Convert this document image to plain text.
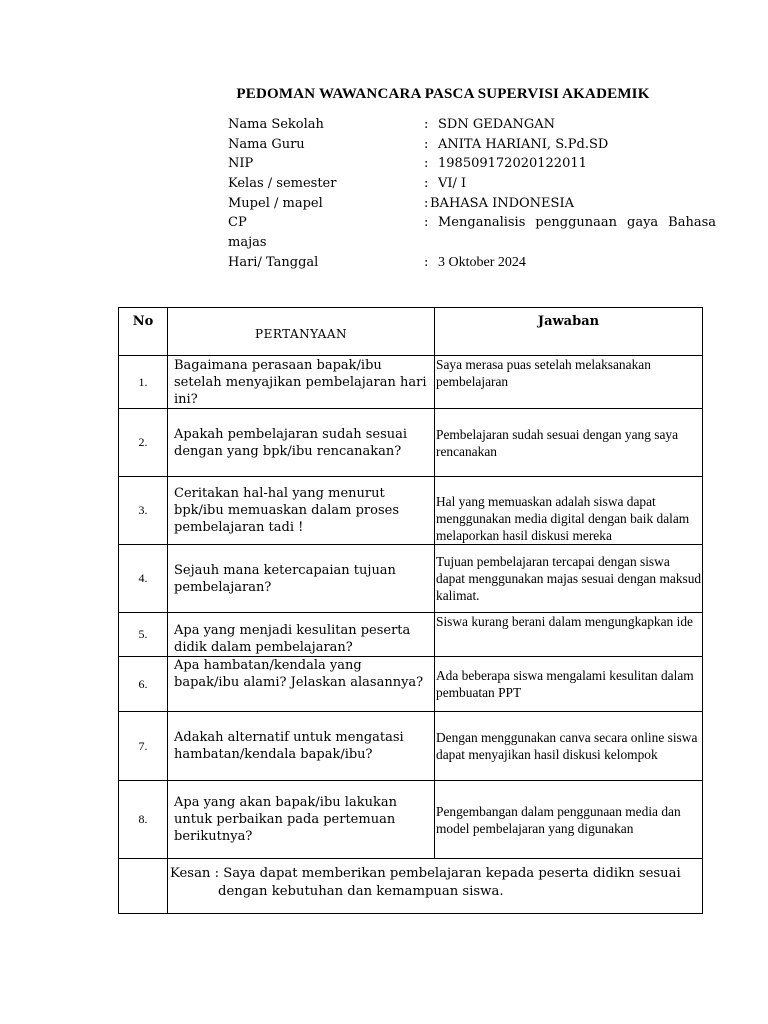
PEDOMAN WAWANCARA PASCA SUPERVISI AKADEMIK
Nama Sekolah	: SDN GEDANGAN
Nama Guru	: ANITA HARIANI, S.Pd.SD
NIP	: 198509172020122011
Kelas / semester	: VI/ I
Mupel / mapel	: BAHASA INDONESIA
CP	: Menganalisis penggunaan gaya Bahasa
majas
Hari/ Tanggal	: 3 Oktober 2024
No	PERTANYAAN	Jawaban
1.	Bagaimana perasaan bapak/ibu setelah menyajikan pembelajaran hari ini?	Saya merasa puas setelah melaksanakan pembelajaran
2.	Apakah pembelajaran sudah sesuai dengan yang bpk/ibu rencanakan?	Pembelajaran sudah sesuai dengan yang saya rencanakan
3.	Ceritakan hal-hal yang menurut bpk/ibu memuaskan dalam proses pembelajaran tadi !	Hal yang memuaskan adalah siswa dapat menggunakan media digital dengan baik dalam melaporkan hasil diskusi mereka
4.	Sejauh mana ketercapaian tujuan pembelajaran?	Tujuan pembelajaran tercapai dengan siswa dapat menggunakan majas sesuai dengan maksud kalimat.
5.	Apa yang menjadi kesulitan peserta didik dalam pembelajaran?	Siswa kurang berani dalam mengungkapkan ide
6.	Apa hambatan/kendala yang bapak/ibu alami? Jelaskan alasannya?	Ada beberapa siswa mengalami kesulitan dalam pembuatan PPT
7.	Adakah alternatif untuk mengatasi hambatan/kendala bapak/ibu?	Dengan menggunakan canva secara online siswa dapat menyajikan hasil diskusi kelompok
8.	Apa yang akan bapak/ibu lakukan untuk perbaikan pada pertemuan berikutnya?	Pengembangan dalam penggunaan media dan model pembelajaran yang digunakan

	Kesan : Saya dapat memberikan pembelajaran kepada peserta didikn sesuai
dengan kebutuhan dan kemampuan siswa.	
